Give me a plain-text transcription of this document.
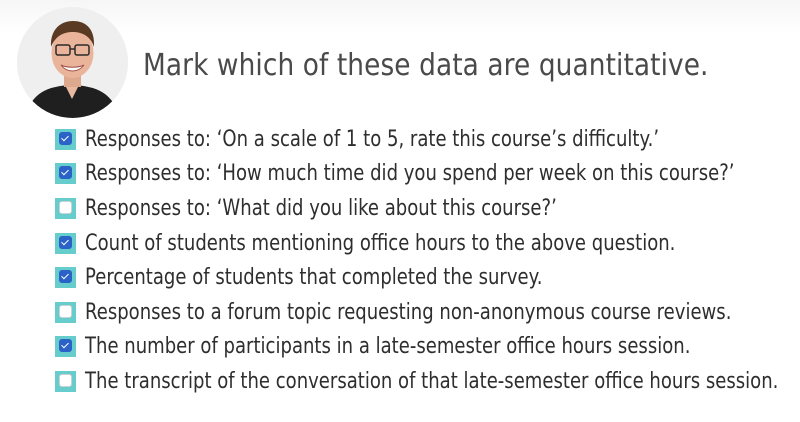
Mark which of these data are quantitative.
Responses to: ‘On a scale of 1 to 5, rate this course’s difficulty.’
Responses to: ‘How much time did you spend per week on this course?’
Responses to: ‘What did you like about this course?’
Count of students mentioning office hours to the above question.
Percentage of students that completed the survey.
Responses to a forum topic requesting non-anonymous course reviews.
The number of participants in a late-semester office hours session.
The transcript of the conversation of that late-semester office hours session.
